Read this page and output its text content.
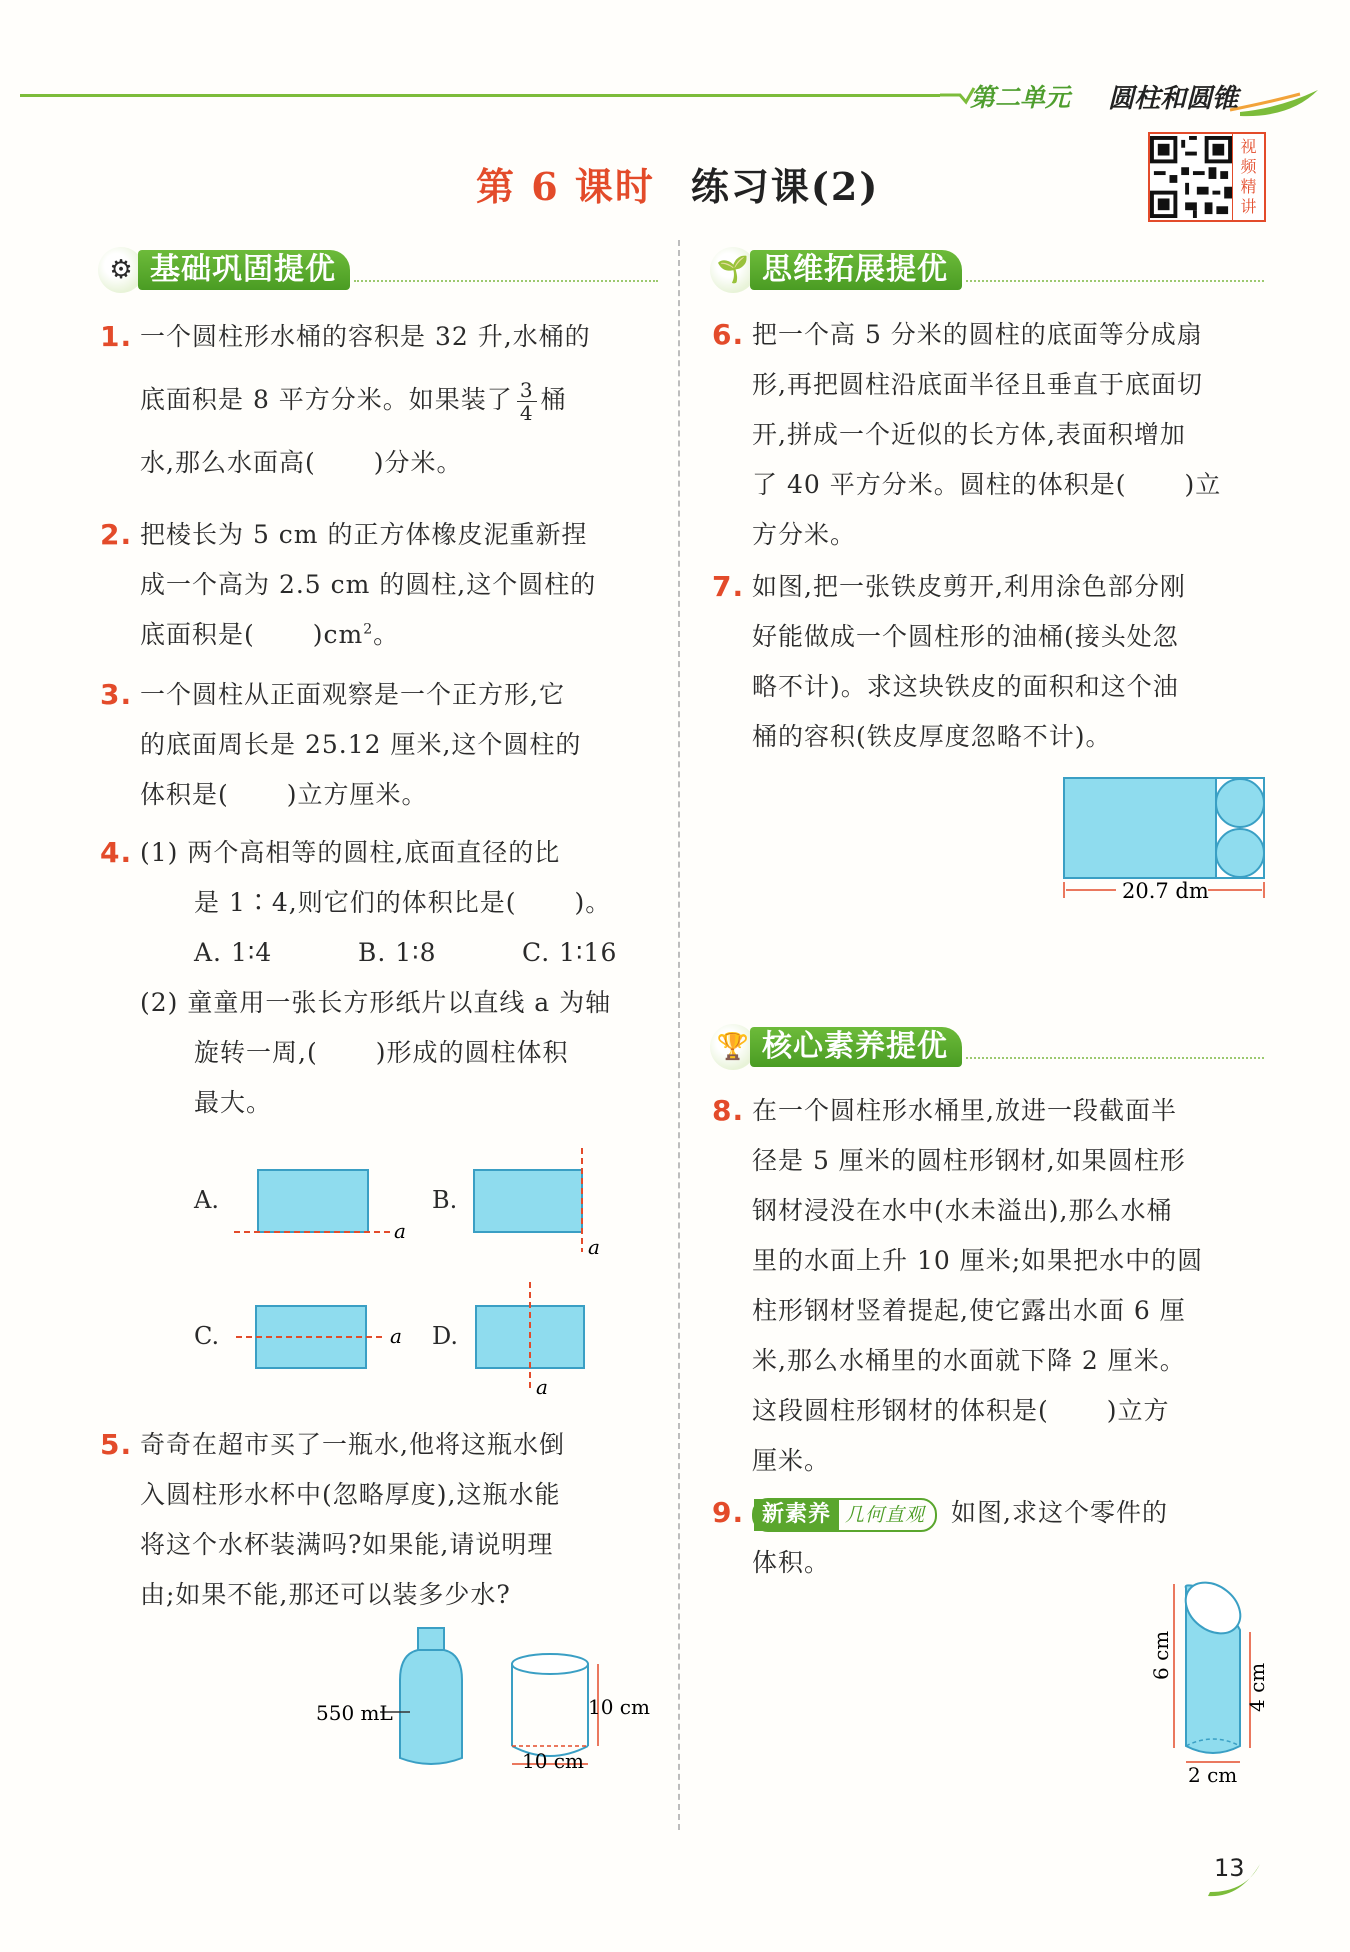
第二单元 圆柱和圆锥
第 6 课时 练习课(2)
视
频
精
讲
⚙ 基础巩固提优	🌱 思维拓展提优
🏆 核心素养提优
1. 一个圆柱形水桶的容积是 32 升,水桶的

底面积是 8 平方分米。如果装了 $\frac{3}{4}$ 桶

水,那么水面高( )分米。

2. 把棱长为 5 cm 的正方体橡皮泥重新捏

成一个高为 2.5 cm 的圆柱,这个圆柱的

底面积是( )$cm^2$。

3. 一个圆柱从正面观察是一个正方形,它

的底面周长是 25.12 厘米,这个圆柱的

体积是( )立方厘米。

4. (1) 两个高相等的圆柱,底面直径的比

是 1∶4,则它们的体积比是( )。

A. 1∶4	B. 1∶8	C. 1∶16

(2) 童童用一张长方形纸片以直线 a 为轴

旋转一周,( )形成的圆柱体积

最大。

A.
a
B.
a
C.	a D.
a
5. 奇奇在超市买了一瓶水,他将这瓶水倒

入圆柱形水杯中(忽略厚度),这瓶水能

将这个水杯装满吗?如果能,请说明理

由;如果不能,那还可以装多少水?

550 mL	10 cm
10 cm
6. 把一个高 5 分米的圆柱的底面等分成扇

形,再把圆柱沿底面半径且垂直于底面切

开,拼成一个近似的长方体,表面积增加

了 40 平方分米。圆柱的体积是( )立

方分米。

7. 如图,把一张铁皮剪开,利用涂色部分刚

好能做成一个圆柱形的油桶(接头处忽

略不计)。求这块铁皮的面积和这个油

桶的容积(铁皮厚度忽略不计)。

20.7 dm
8. 在一个圆柱形水桶里,放进一段截面半

径是 5 厘米的圆柱形钢材,如果圆柱形

钢材浸没在水中(水未溢出),那么水桶

里的水面上升 10 厘米;如果把水中的圆

柱形钢材竖着提起,使它露出水面 6 厘

米,那么水桶里的水面就下降 2 厘米。

这段圆柱形钢材的体积是( )立方

厘米。

9. 新素养 几何直观	如图,求这个零件的

体积。

6 cm
4 cm
2 cm
13
